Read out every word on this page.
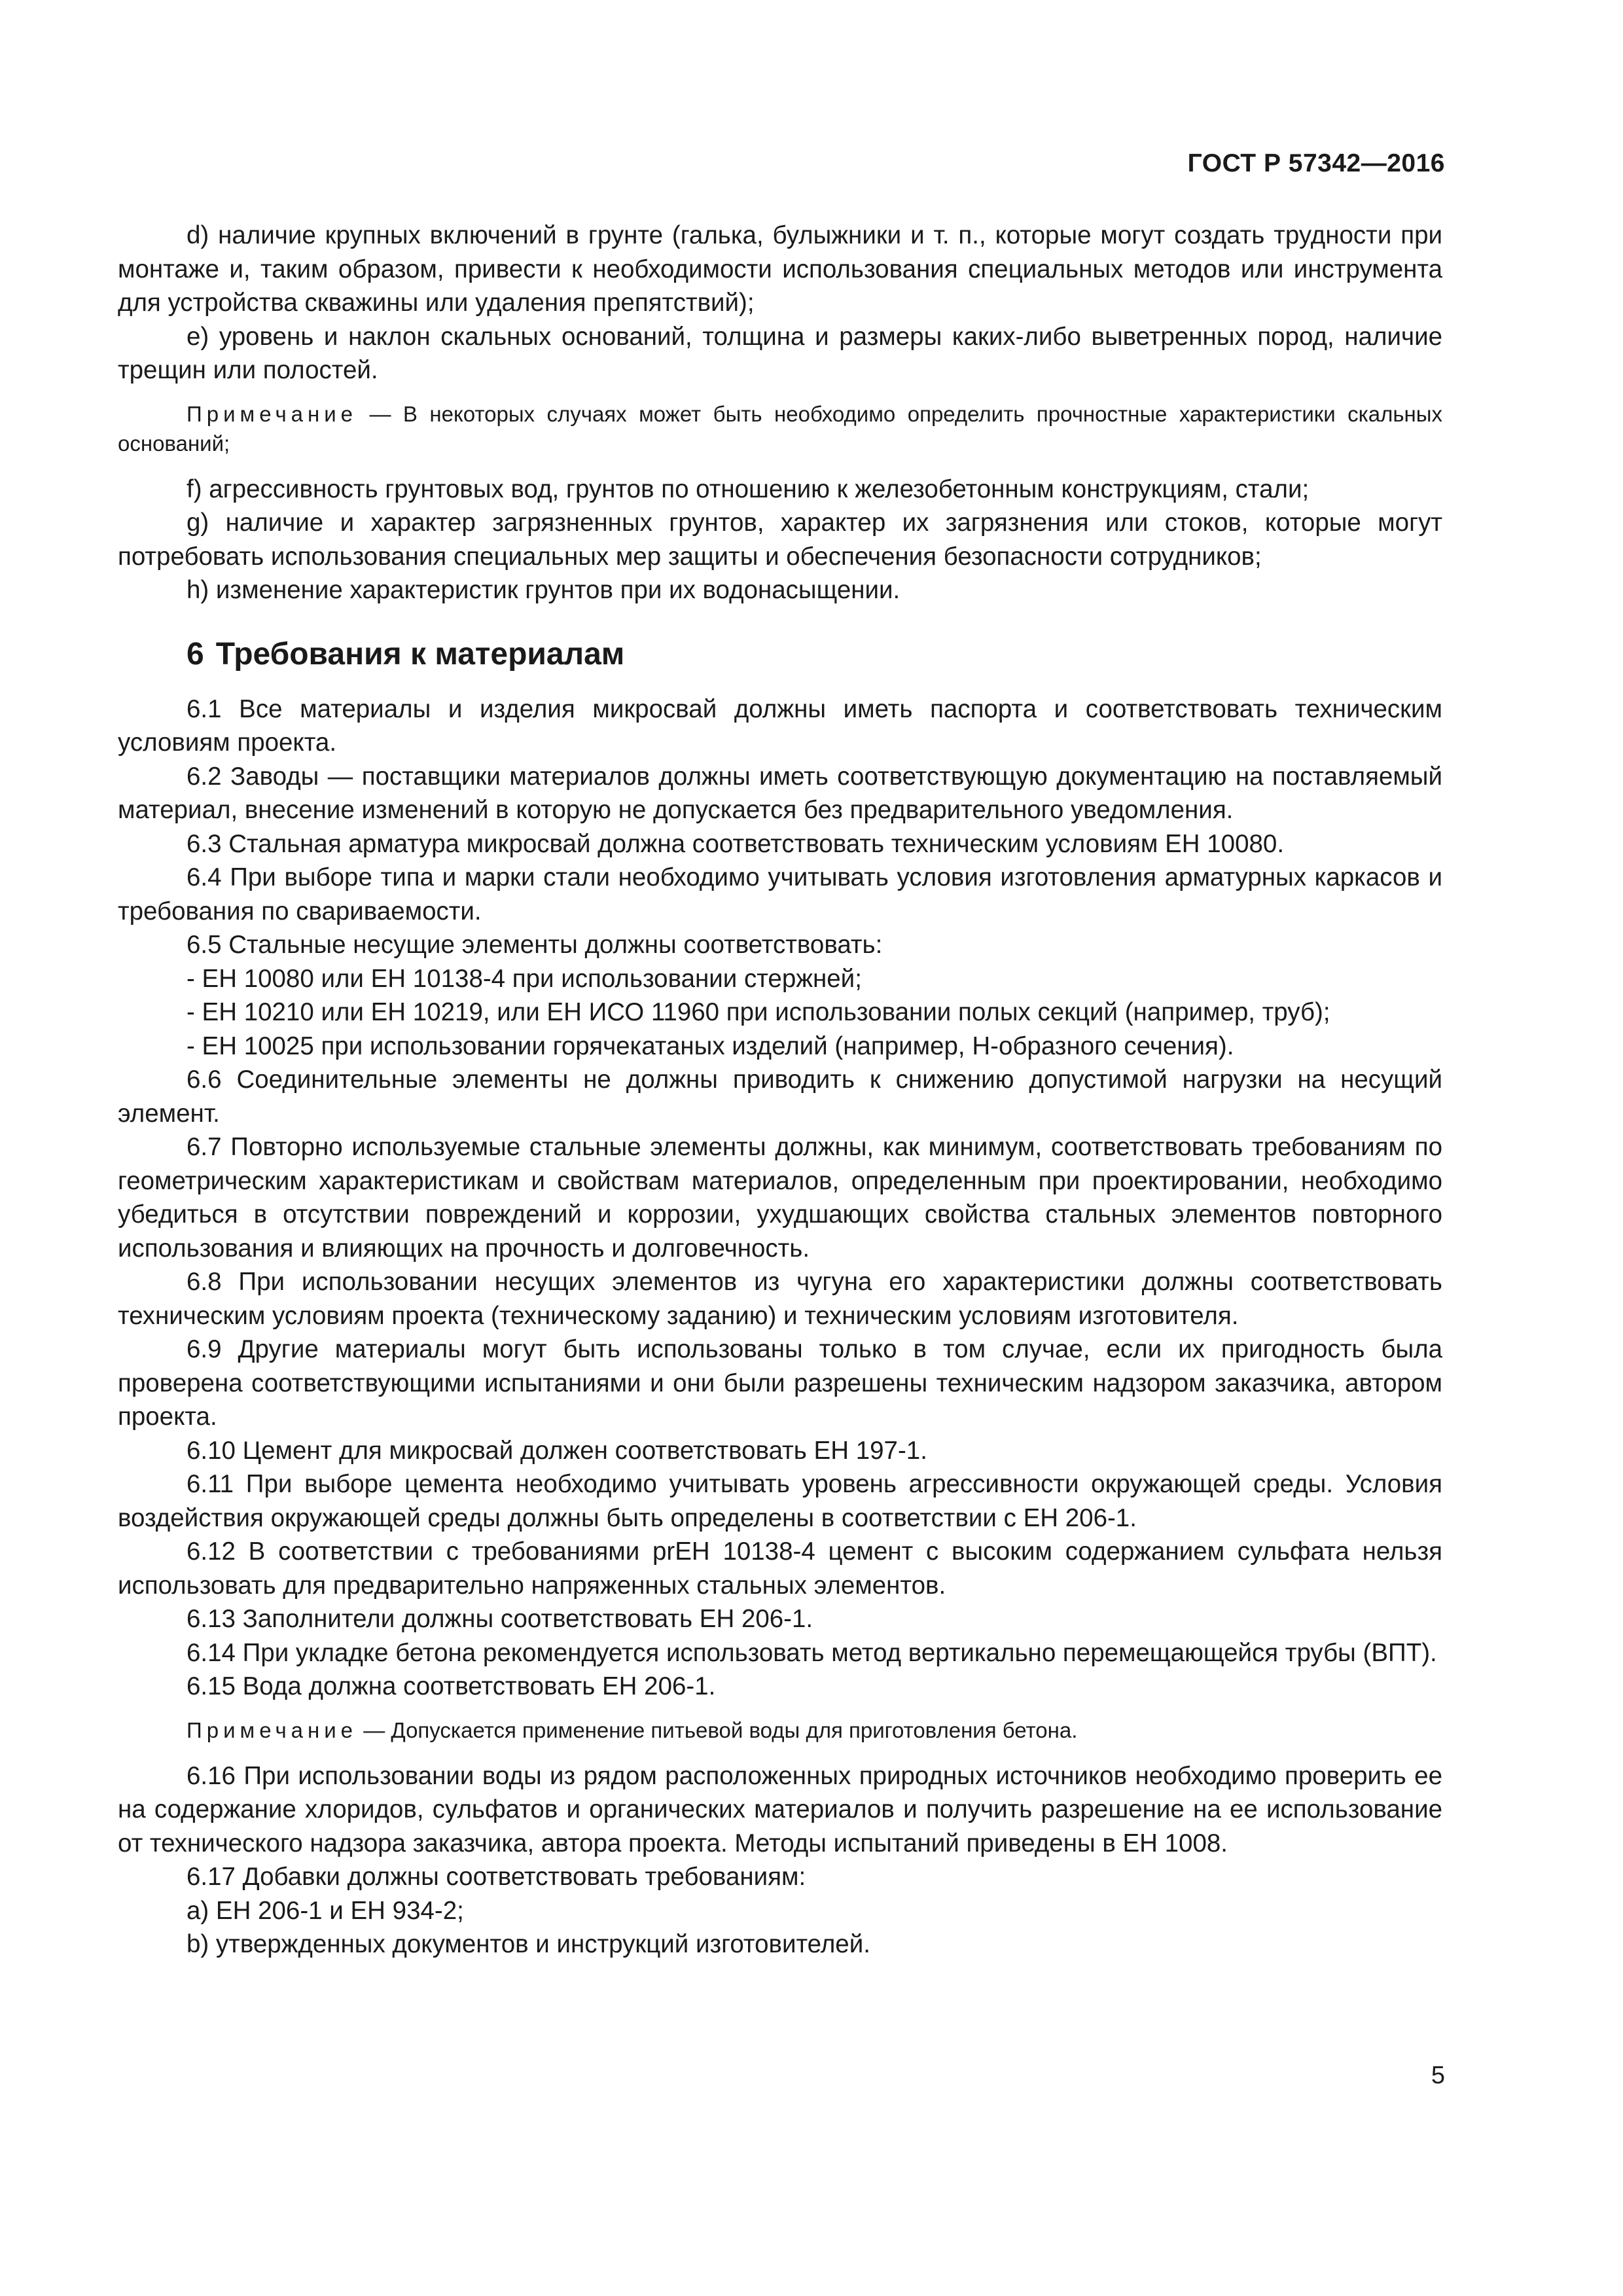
ГОСТ Р 57342—2016

d) наличие крупных включений в грунте (галька, булыжники и т. п., которые могут создать трудности при монтаже и, таким образом, привести к необходимости использования специальных методов или инструмента для устройства скважины или удаления препятствий);

e) уровень и наклон скальных оснований, толщина и размеры каких-либо выветренных пород, наличие трещин или полостей.

Примечание — В некоторых случаях может быть необходимо определить прочностные характеристики скальных оснований;

f) агрессивность грунтовых вод, грунтов по отношению к железобетонным конструкциям, стали;

g) наличие и характер загрязненных грунтов, характер их загрязнения или стоков, которые могут потребовать использования специальных мер защиты и обеспечения безопасности сотрудников;

h) изменение характеристик грунтов при их водонасыщении.

6 Требования к материалам

6.1 Все материалы и изделия микросвай должны иметь паспорта и соответствовать техническим условиям проекта.

6.2 Заводы — поставщики материалов должны иметь соответствующую документацию на поставляемый материал, внесение изменений в которую не допускается без предварительного уведомления.

6.3 Стальная арматура микросвай должна соответствовать техническим условиям ЕН 10080.

6.4 При выборе типа и марки стали необходимо учитывать условия изготовления арматурных каркасов и требования по свариваемости.

6.5 Стальные несущие элементы должны соответствовать:

- ЕН 10080 или ЕН 10138-4 при использовании стержней;

- ЕН 10210 или ЕН 10219, или ЕН ИСО 11960 при использовании полых секций (например, труб);

- ЕН 10025 при использовании горячекатаных изделий (например, Н-образного сечения).

6.6 Соединительные элементы не должны приводить к снижению допустимой нагрузки на несущий элемент.

6.7 Повторно используемые стальные элементы должны, как минимум, соответствовать требованиям по геометрическим характеристикам и свойствам материалов, определенным при проектировании, необходимо убедиться в отсутствии повреждений и коррозии, ухудшающих свойства стальных элементов повторного использования и влияющих на прочность и долговечность.

6.8 При использовании несущих элементов из чугуна его характеристики должны соответствовать техническим условиям проекта (техническому заданию) и техническим условиям изготовителя.

6.9 Другие материалы могут быть использованы только в том случае, если их пригодность была проверена соответствующими испытаниями и они были разрешены техническим надзором заказчика, автором проекта.

6.10 Цемент для микросвай должен соответствовать ЕН 197-1.

6.11 При выборе цемента необходимо учитывать уровень агрессивности окружающей среды. Условия воздействия окружающей среды должны быть определены в соответствии с ЕН 206-1.

6.12 В соответствии с требованиями prЕН 10138-4 цемент с высоким содержанием сульфата нельзя использовать для предварительно напряженных стальных элементов.

6.13 Заполнители должны соответствовать ЕН 206-1.

6.14 При укладке бетона рекомендуется использовать метод вертикально перемещающейся трубы (ВПТ).

6.15 Вода должна соответствовать ЕН 206-1.

Примечание — Допускается применение питьевой воды для приготовления бетона.

6.16 При использовании воды из рядом расположенных природных источников необходимо проверить ее на содержание хлоридов, сульфатов и органических материалов и получить разрешение на ее использование от технического надзора заказчика, автора проекта. Методы испытаний приведены в ЕН 1008.

6.17 Добавки должны соответствовать требованиям:

a) ЕН 206-1 и ЕН 934-2;

b) утвержденных документов и инструкций изготовителей.

5
